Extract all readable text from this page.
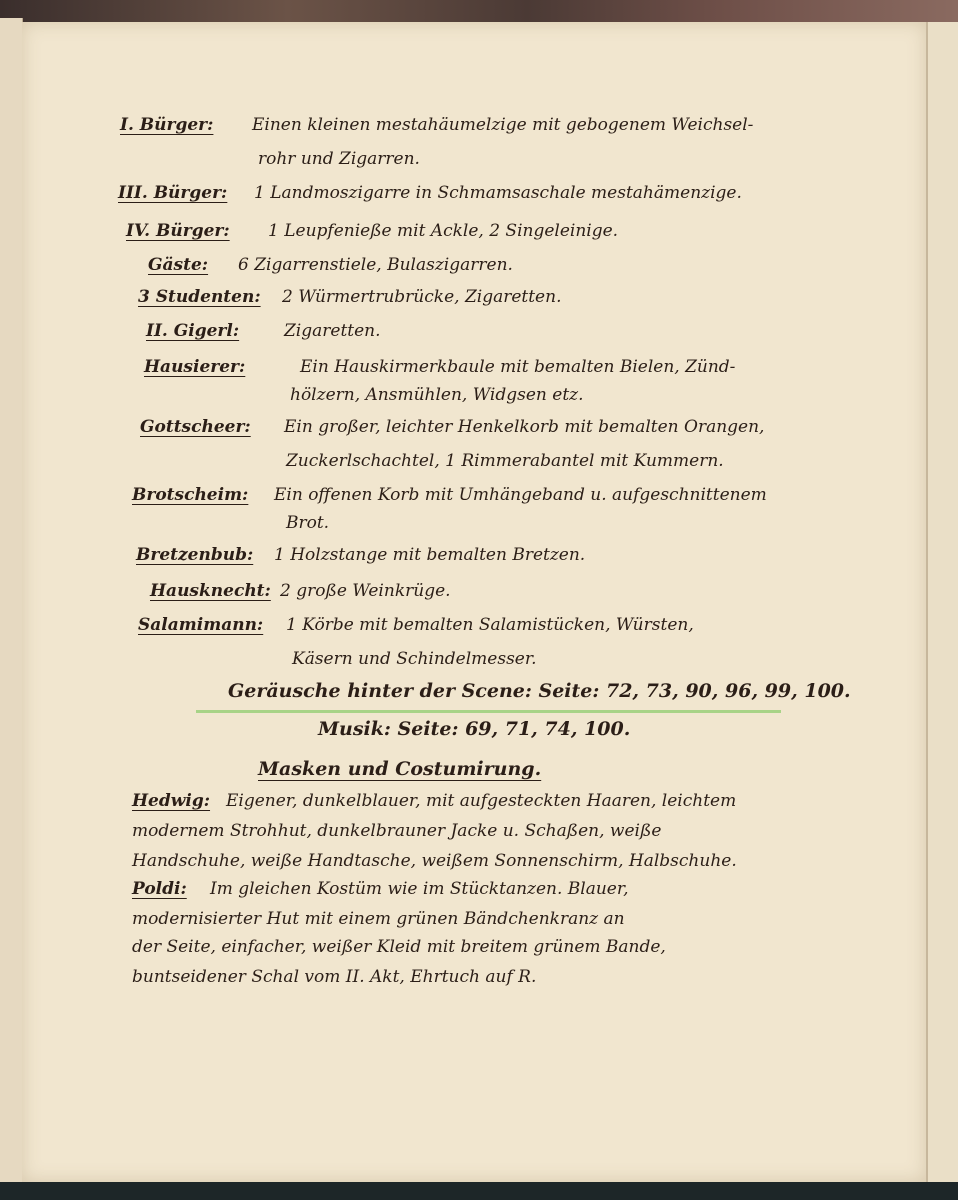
I. Bürger: Einen kleinen mestahäumelzige mit gebogenem Weichsel-
rohr und Zigarren.
III. Bürger: 1 Landmoszigarre in Schmamsaschale mestahämenzige.
IV. Bürger: 1 Leupfenieße mit Ackle, 2 Singeleinige.
Gäste: 6 Zigarrenstiele, Bulaszigarren.
3 Studenten: 2 Würmertrubrücke, Zigaretten.
II. Gigerl:	Zigaretten.
Hausierer:	Ein Hauskirmerkbaule mit bemalten Bielen, Zünd-
hölzern, Ansmühlen, Widgsen etz.
Gottscheer: Ein großer, leichter Henkelkorb mit bemalten Orangen,
Zuckerlschachtel, 1 Rimmerabantel mit Kummern.
Brotscheim: Ein offenen Korb mit Umhängeband u. aufgeschnittenem
Brot.
Bretzenbub: 1 Holzstange mit bemalten Bretzen.
Hausknecht: 2 große Weinkrüge.
Salamimann: 1 Körbe mit bemalten Salamistücken, Würsten,
Käsern und Schindelmesser.
Geräusche hinter der Scene: Seite: 72, 73, 90, 96, 99, 100.
Musik: Seite: 69, 71, 74, 100.
Masken und Costumirung.
Hedwig: Eigener, dunkelblauer, mit aufgesteckten Haaren, leichtem
modernem Strohhut, dunkelbrauner Jacke u. Schaßen, weiße
Handschuhe, weiße Handtasche, weißem Sonnenschirm, Halbschuhe.
Poldi: Im gleichen Kostüm wie im Stücktanzen. Blauer,
modernisierter Hut mit einem grünen Bändchenkranz an
der Seite, einfacher, weißer Kleid mit breitem grünem Bande,
buntseidener Schal vom II. Akt, Ehrtuch auf R.
